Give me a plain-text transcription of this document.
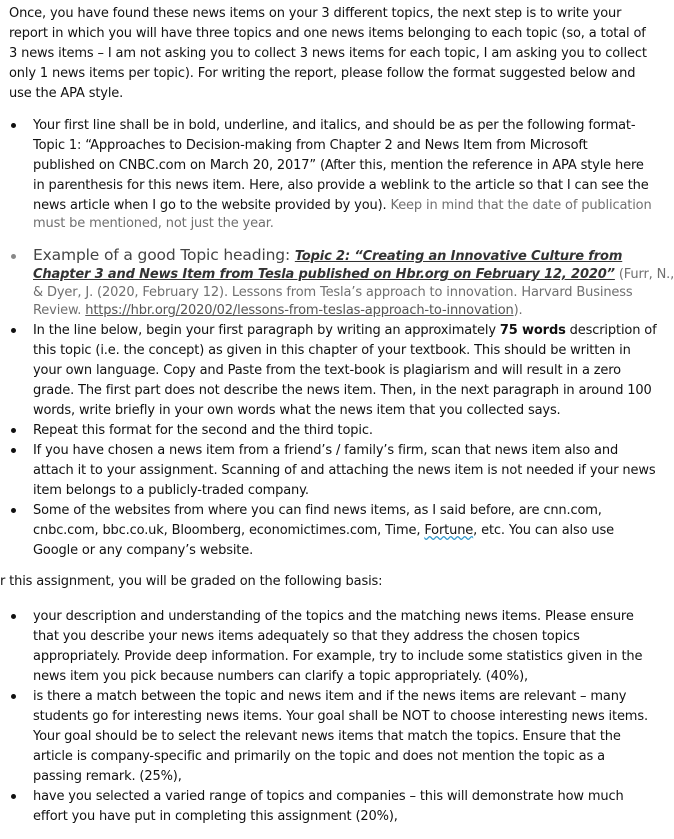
Once, you have found these news items on your 3 different topics, the next step is to write your
report in which you will have three topics and one news items belonging to each topic (so, a total of
3 news items – I am not asking you to collect 3 news items for each topic, I am asking you to collect
only 1 news items per topic). For writing the report, please follow the format suggested below and
use the APA style.
Your first line shall be in bold, underline, and italics, and should be as per the following format-
Topic 1: “Approaches to Decision-making from Chapter 2 and News Item from Microsoft
published on CNBC.com on March 20, 2017” (After this, mention the reference in APA style here
in parenthesis for this news item. Here, also provide a weblink to the article so that I can see the
news article when I go to the website provided by you). Keep in mind that the date of publication
must be mentioned, not just the year.
Example of a good Topic heading: Topic 2: “Creating an Innovative Culture from
Chapter 3 and News Item from Tesla published on Hbr.org on February 12, 2020” (Furr, N.,
& Dyer, J. (2020, February 12). Lessons from Tesla’s approach to innovation. Harvard Business
Review. https://hbr.org/2020/02/lessons-from-teslas-approach-to-innovation).
In the line below, begin your first paragraph by writing an approximately 75 words description of
this topic (i.e. the concept) as given in this chapter of your textbook. This should be written in
your own language. Copy and Paste from the text-book is plagiarism and will result in a zero
grade. The first part does not describe the news item. Then, in the next paragraph in around 100
words, write briefly in your own words what the news item that you collected says.
Repeat this format for the second and the third topic.
If you have chosen a news item from a friend’s / family’s firm, scan that news item also and
attach it to your assignment. Scanning of and attaching the news item is not needed if your news
item belongs to a publicly-traded company.
Some of the websites from where you can find news items, as I said before, are cnn.com,
cnbc.com, bbc.co.uk, Bloomberg, economictimes.com, Time, Fortune, etc. You can also use
Google or any company’s website.
r this assignment, you will be graded on the following basis:
your description and understanding of the topics and the matching news items. Please ensure
that you describe your news items adequately so that they address the chosen topics
appropriately. Provide deep information. For example, try to include some statistics given in the
news item you pick because numbers can clarify a topic appropriately. (40%),
is there a match between the topic and news item and if the news items are relevant – many
students go for interesting news items. Your goal shall be NOT to choose interesting news items.
Your goal should be to select the relevant news items that match the topics. Ensure that the
article is company-specific and primarily on the topic and does not mention the topic as a
passing remark. (25%),
have you selected a varied range of topics and companies – this will demonstrate how much
effort you have put in completing this assignment (20%),
